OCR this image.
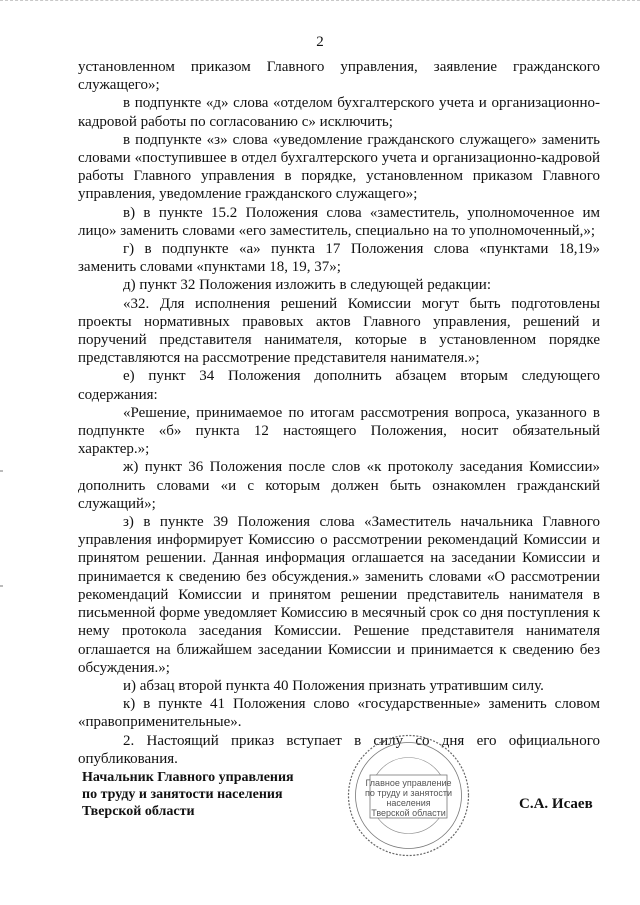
2

установленном приказом Главного управления, заявление гражданского служащего»;

в подпункте «д» слова «отделом бухгалтерского учета и организационно-кадровой работы по согласованию с» исключить;

в подпункте «з» слова «уведомление гражданского служащего» заменить словами «поступившее в отдел бухгалтерского учета и организационно-кадровой работы Главного управления в порядке, установленном приказом Главного управления, уведомление гражданского служащего»;

в) в пункте 15.2 Положения слова «заместитель, уполномоченное им лицо» заменить словами «его заместитель, специально на то уполномоченный,»;

г) в подпункте «а» пункта 17 Положения слова «пунктами 18,19» заменить словами «пунктами 18, 19, 37»;

д) пункт 32 Положения изложить в следующей редакции:

«32. Для исполнения решений Комиссии могут быть подготовлены проекты нормативных правовых актов Главного управления, решений и поручений представителя нанимателя, которые в установленном порядке представляются на рассмотрение представителя нанимателя.»;

е) пункт 34 Положения дополнить абзацем вторым следующего содержания:

«Решение, принимаемое по итогам рассмотрения вопроса, указанного в подпункте «б» пункта 12 настоящего Положения, носит обязательный характер.»;

ж) пункт 36 Положения после слов «к протоколу заседания Комиссии» дополнить словами «и с которым должен быть ознакомлен гражданский служащий»;

з) в пункте 39 Положения слова «Заместитель начальника Главного управления информирует Комиссию о рассмотрении рекомендаций Комиссии и принятом решении. Данная информация оглашается на заседании Комиссии и принимается к сведению без обсуждения.» заменить словами «О рассмотрении рекомендаций Комиссии и принятом решении представитель нанимателя в письменной форме уведомляет Комиссию в месячный срок со дня поступления к нему протокола заседания Комиссии. Решение представителя нанимателя оглашается на ближайшем заседании Комиссии и принимается к сведению без обсуждения.»;

и) абзац второй пункта 40 Положения признать утратившим силу.

к) в пункте 41 Положения слово «государственные» заменить словом «правоприменительные».

2. Настоящий приказ вступает в силу со дня его официального опубликования.

Начальник Главного управления
по труду и занятости населения
Тверской области
Главное управление
по труду и занятости
населения
Тверской области
С.А. Исаев
